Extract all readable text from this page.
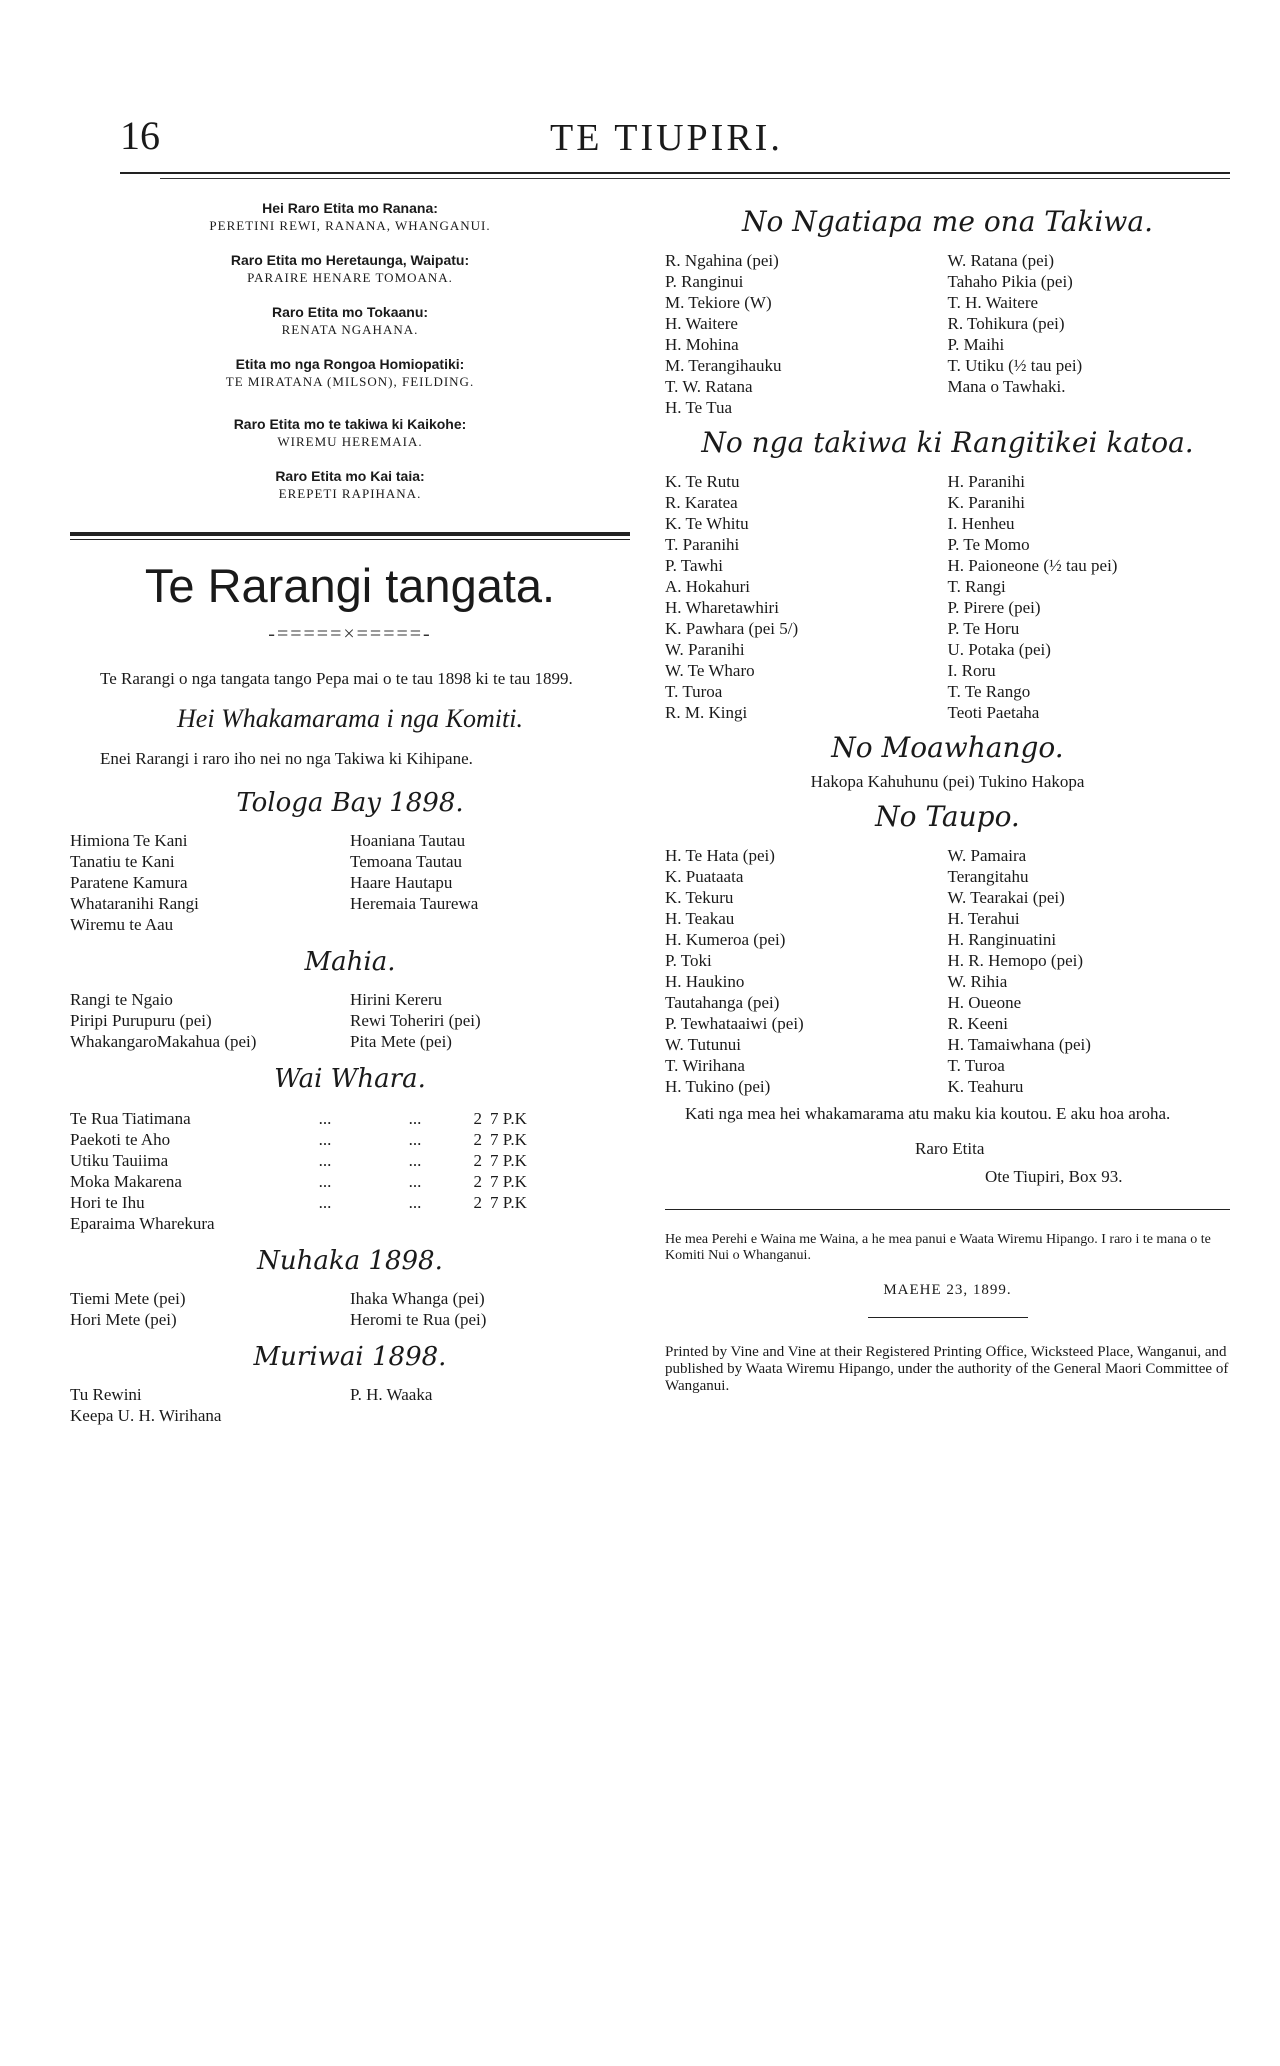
16	TE TIUPIRI.
Hei Raro Etita mo Ranana:
PERETINI REWI, RANANA, WHANGANUI.
Raro Etita mo Heretaunga, Waipatu:
PARAIRE HENARE TOMOANA.
Raro Etita mo Tokaanu:
RENATA NGAHANA.
Etita mo nga Rongoa Homiopatiki:
TE MIRATANA (MILSON), FEILDING.
Raro Etita mo te takiwa ki Kaikohe:
WIREMU HEREMAIA.
Raro Etita mo Kai taia:
EREPETI RAPIHANA.
Te Rarangi tangata.
-=====×=====-
Te Rarangi o nga tangata tango Pepa mai o te tau 1898 ki te tau 1899.
Hei Whakamarama i nga Komiti.
Enei Rarangi i raro iho nei no nga Takiwa ki Kihipane.
Tologa Bay 1898.
Himiona Te Kani	Hoaniana Tautau
Tanatiu te Kani	Temoana Tautau
Paratene Kamura	Haare Hautapu
Whataranihi Rangi	Heremaia Taurewa
Wiremu te Aau
Mahia.
Rangi te Ngaio	Hirini Kereru
Piripi Purupuru (pei)	Rewi Toheriri (pei)
WhakangaroMakahua (pei)	Pita Mete (pei)
Wai Whara.
Te Rua Tiatimana	...	...	2 7 P.K
Paekoti te Aho	...	...	2 7 P.K
Utiku Tauiima	...	...	2 7 P.K
Moka Makarena	...	...	2 7 P.K
Hori te Ihu	...	...	2 7 P.K
Eparaima Wharekura
Nuhaka 1898.
Tiemi Mete (pei)	Ihaka Whanga (pei)
Hori Mete (pei)	Heromi te Rua (pei)
Muriwai 1898.
Tu Rewini	P. H. Waaka
Keepa U. H. Wirihana
No Ngatiapa me ona Takiwa.
R. Ngahina (pei)	W. Ratana (pei)
P. Ranginui	Tahaho Pikia (pei)
M. Tekiore (W)	T. H. Waitere
H. Waitere	R. Tohikura (pei)
H. Mohina	P. Maihi
M. Terangihauku	T. Utiku (½ tau pei)
T. W. Ratana	Mana o Tawhaki.
H. Te Tua
No nga takiwa ki Rangitikei katoa.
K. Te Rutu	H. Paranihi
R. Karatea	K. Paranihi
K. Te Whitu	I. Henheu
T. Paranihi	P. Te Momo
P. Tawhi	H. Paioneone (½ tau pei)
A. Hokahuri	T. Rangi
H. Wharetawhiri	P. Pirere (pei)
K. Pawhara (pei 5/)	P. Te Horu
W. Paranihi	U. Potaka (pei)
W. Te Wharo	I. Roru
T. Turoa	T. Te Rango
R. M. Kingi	Teoti Paetaha
No Moawhango.
Hakopa Kahuhunu (pei) Tukino Hakopa
No Taupo.
H. Te Hata (pei)	W. Pamaira
K. Puataata	Terangitahu
K. Tekuru	W. Tearakai (pei)
H. Teakau	H. Terahui
H. Kumeroa (pei)	H. Ranginuatini
P. Toki	H. R. Hemopo (pei)
H. Haukino	W. Rihia
Tautahanga (pei)	H. Oueone
P. Tewhataaiwi (pei)	R. Keeni
W. Tutunui	H. Tamaiwhana (pei)
T. Wirihana	T. Turoa
H. Tukino (pei)	K. Teahuru
Kati nga mea hei whakamarama atu maku kia koutou. E aku hoa aroha.
Raro Etita
Ote Tiupiri, Box 93.
He mea Perehi e Waina me Waina, a he mea panui e Waata Wiremu Hipango. I raro i te mana o te Komiti Nui o Whanganui.
MAEHE 23, 1899.
Printed by Vine and Vine at their Registered Printing Office, Wicksteed Place, Wanganui, and published by Waata Wiremu Hipango, under the authority of the General Maori Committee of Wanganui.
